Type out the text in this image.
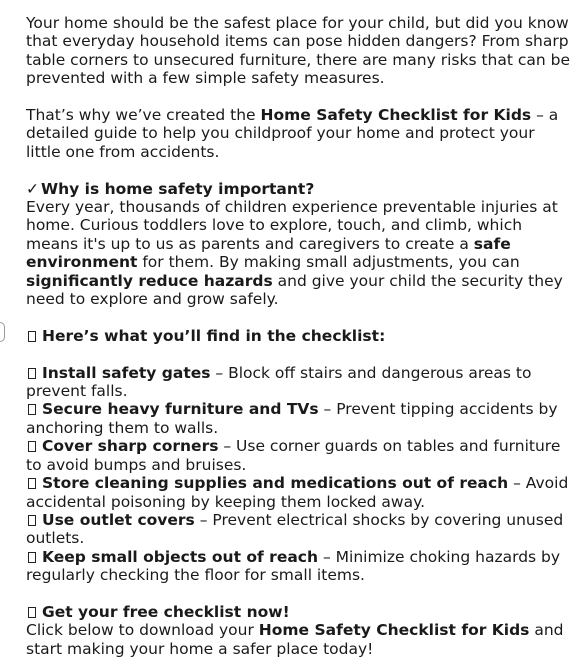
Your home should be the safest place for your child, but did you know that everyday household items can pose hidden dangers? From sharp table corners to unsecured furniture, there are many risks that can be prevented with a few simple safety measures.

That’s why we’ve created the Home Safety Checklist for Kids – a detailed guide to help you childproof your home and protect your little one from accidents.

✓ Why is home safety important?

Every year, thousands of children experience preventable injuries at home. Curious toddlers love to explore, touch, and climb, which means it's up to us as parents and caregivers to create a safe environment for them. By making small adjustments, you can significantly reduce hazards and give your child the security they need to explore and grow safely.

Here’s what you’ll find in the checklist:

Install safety gates – Block off stairs and dangerous areas to prevent falls.

Secure heavy furniture and TVs – Prevent tipping accidents by anchoring them to walls.

Cover sharp corners – Use corner guards on tables and furniture to avoid bumps and bruises.

Store cleaning supplies and medications out of reach – Avoid accidental poisoning by keeping them locked away.

Use outlet covers – Prevent electrical shocks by covering unused outlets.

Keep small objects out of reach – Minimize choking hazards by regularly checking the floor for small items.

Get your free checklist now!

Click below to download your Home Safety Checklist for Kids and start making your home a safer place today!
